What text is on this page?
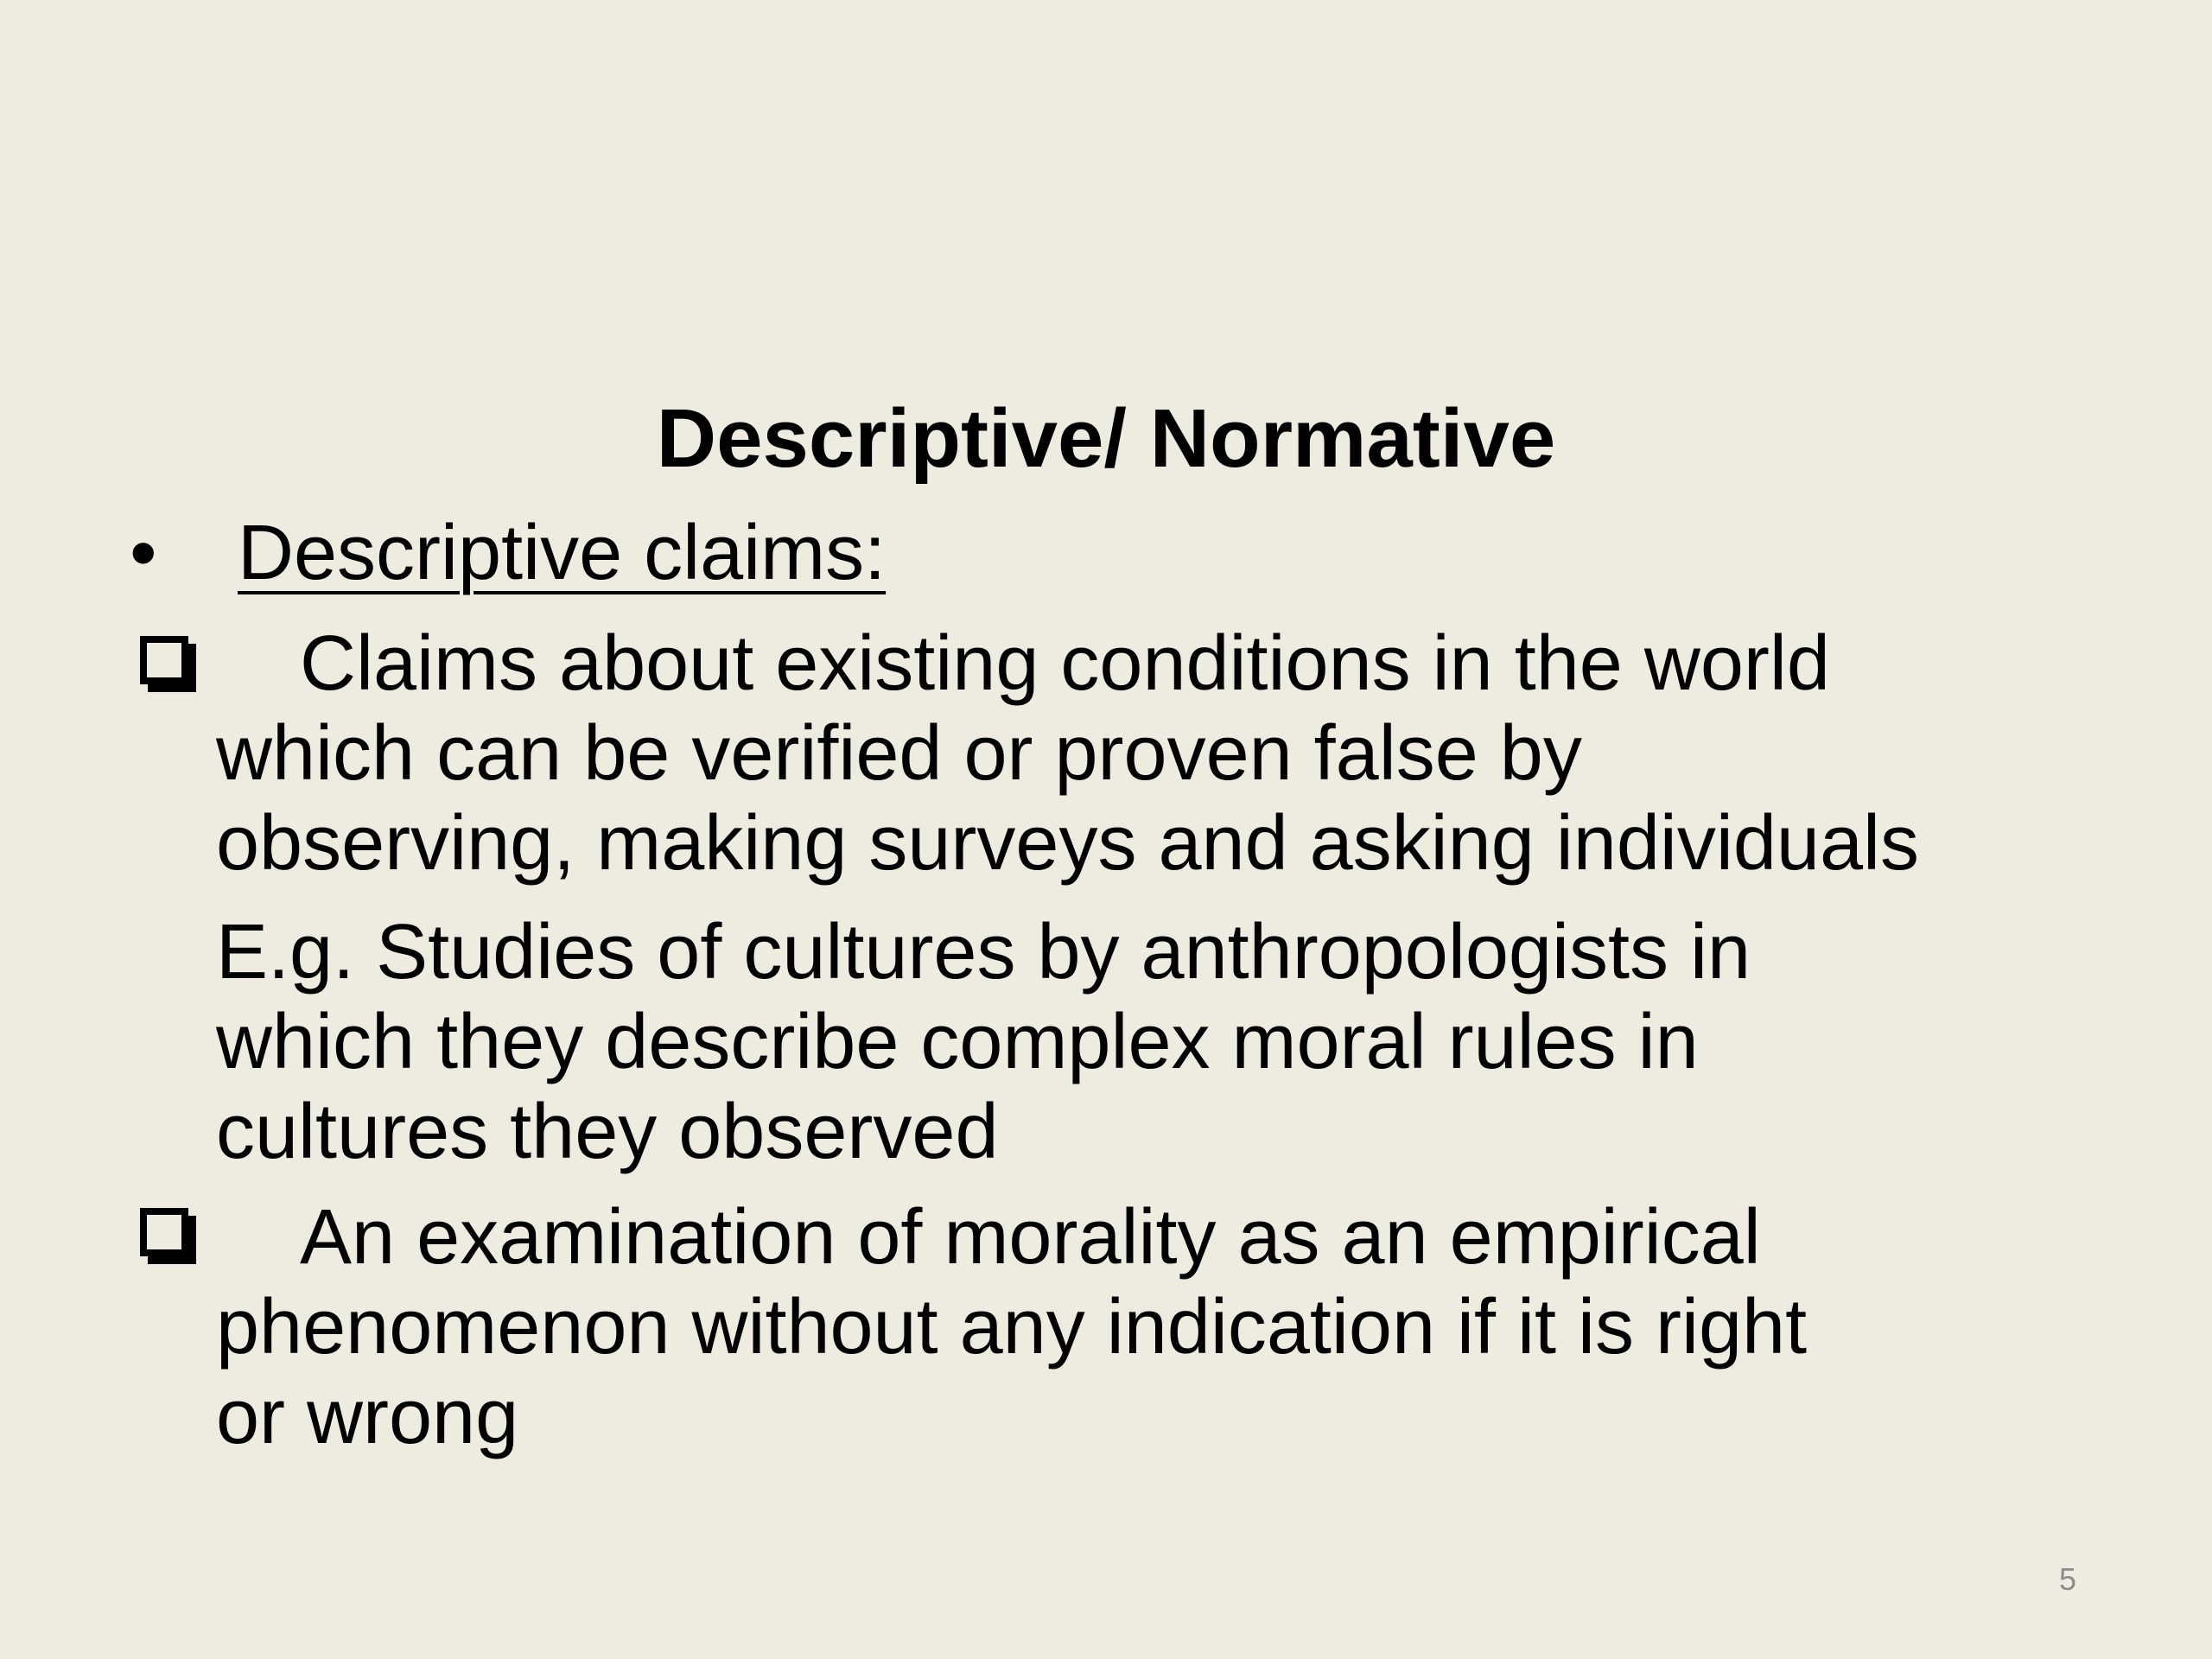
Descriptive/ Normative
• Descriptive claims:
Claims about existing conditions in the world
which can be verified or proven false by
observing, making surveys and asking individuals
E.g. Studies of cultures by anthropologists in
which they describe complex moral rules in
cultures they observed
An examination of morality as an empirical
phenomenon without any indication if it is right
or wrong
5
